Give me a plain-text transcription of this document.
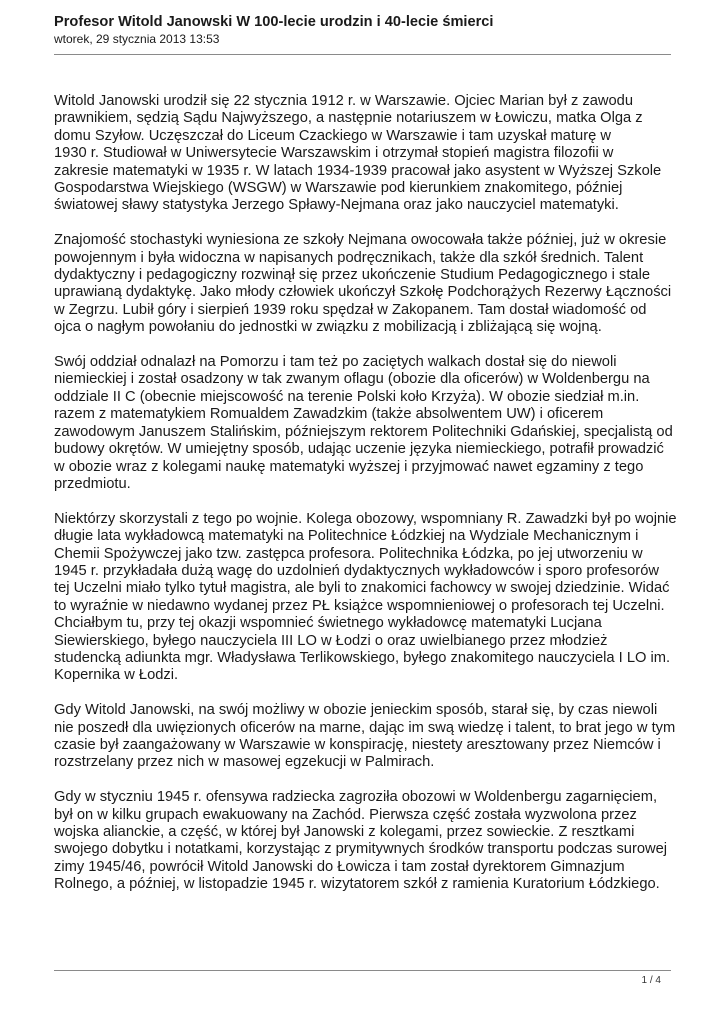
Profesor Witold Janowski W 100-lecie urodzin i 40-lecie śmierci
wtorek, 29 stycznia 2013 13:53
Witold Janowski urodził się 22 stycznia 1912 r. w Warszawie. Ojciec Marian był z zawodu
prawnikiem, sędzią Sądu Najwyższego, a następnie notariuszem w Łowiczu, matka Olga z
domu Szyłow. Uczęszczał do Liceum Czackiego w Warszawie i tam uzyskał maturę w
1930 r. Studiował w Uniwersytecie Warszawskim i otrzymał stopień magistra filozofii w
zakresie matematyki w 1935 r. W latach 1934-1939 pracował jako asystent w Wyższej Szkole
Gospodarstwa Wiejskiego (WSGW) w Warszawie pod kierunkiem znakomitego, później
światowej sławy statystyka Jerzego Spławy-Nejmana oraz jako nauczyciel matematyki.
Znajomość stochastyki wyniesiona ze szkoły Nejmana owocowała także później, już w okresie
powojennym i była widoczna w napisanych podręcznikach, także dla szkół średnich. Talent
dydaktyczny i pedagogiczny rozwinął się przez ukończenie Studium Pedagogicznego i stale
uprawianą dydaktykę. Jako młody człowiek ukończył Szkołę Podchorążych Rezerwy Łączności
w Zegrzu. Lubił góry i sierpień 1939 roku spędzał w Zakopanem. Tam dostał wiadomość od
ojca o nagłym powołaniu do jednostki w związku z mobilizacją i zbliżającą się wojną.
Swój oddział odnalazł na Pomorzu i tam też po zaciętych walkach dostał się do niewoli
niemieckiej i został osadzony w tak zwanym oflagu (obozie dla oficerów) w Woldenbergu na
oddziale II C (obecnie miejscowość na terenie Polski koło Krzyża). W obozie siedział m.in.
razem z matematykiem Romualdem Zawadzkim (także absolwentem UW) i oficerem
zawodowym Januszem Stalińskim, późniejszym rektorem Politechniki Gdańskiej, specjalistą od
budowy okrętów. W umiejętny sposób, udając uczenie języka niemieckiego, potrafił prowadzić
w obozie wraz z kolegami naukę matematyki wyższej i przyjmować nawet egzaminy z tego
przedmiotu.
Niektórzy skorzystali z tego po wojnie. Kolega obozowy, wspomniany R. Zawadzki był po wojnie
długie lata wykładowcą matematyki na Politechnice Łódzkiej na Wydziale Mechanicznym i
Chemii Spożywczej jako tzw. zastępca profesora. Politechnika Łódzka, po jej utworzeniu w
1945 r. przykładała dużą wagę do uzdolnień dydaktycznych wykładowców i sporo profesorów
tej Uczelni miało tylko tytuł magistra, ale byli to znakomici fachowcy w swojej dziedzinie. Widać
to wyraźnie w niedawno wydanej przez PŁ książce wspomnieniowej o profesorach tej Uczelni.
Chciałbym tu, przy tej okazji wspomnieć świetnego wykładowcę matematyki Lucjana
Siewierskiego, byłego nauczyciela III LO w Łodzi o oraz uwielbianego przez młodzież
studencką adiunkta mgr. Władysława Terlikowskiego, byłego znakomitego nauczyciela I LO im.
Kopernika w Łodzi.
Gdy Witold Janowski, na swój możliwy w obozie jenieckim sposób, starał się, by czas niewoli
nie poszedł dla uwięzionych oficerów na marne, dając im swą wiedzę i talent, to brat jego w tym
czasie był zaangażowany w Warszawie w konspirację, niestety aresztowany przez Niemców i
rozstrzelany przez nich w masowej egzekucji w Palmirach.
Gdy w styczniu 1945 r. ofensywa radziecka zagroziła obozowi w Woldenbergu zagarnięciem,
był on w kilku grupach ewakuowany na Zachód. Pierwsza część została wyzwolona przez
wojska alianckie, a część, w której był Janowski z kolegami, przez sowieckie. Z resztkami
swojego dobytku i notatkami, korzystając z prymitywnych środków transportu podczas surowej
zimy 1945/46, powrócił Witold Janowski do Łowicza i tam został dyrektorem Gimnazjum
Rolnego, a później, w listopadzie 1945 r. wizytatorem szkół z ramienia Kuratorium Łódzkiego.
1 / 4
